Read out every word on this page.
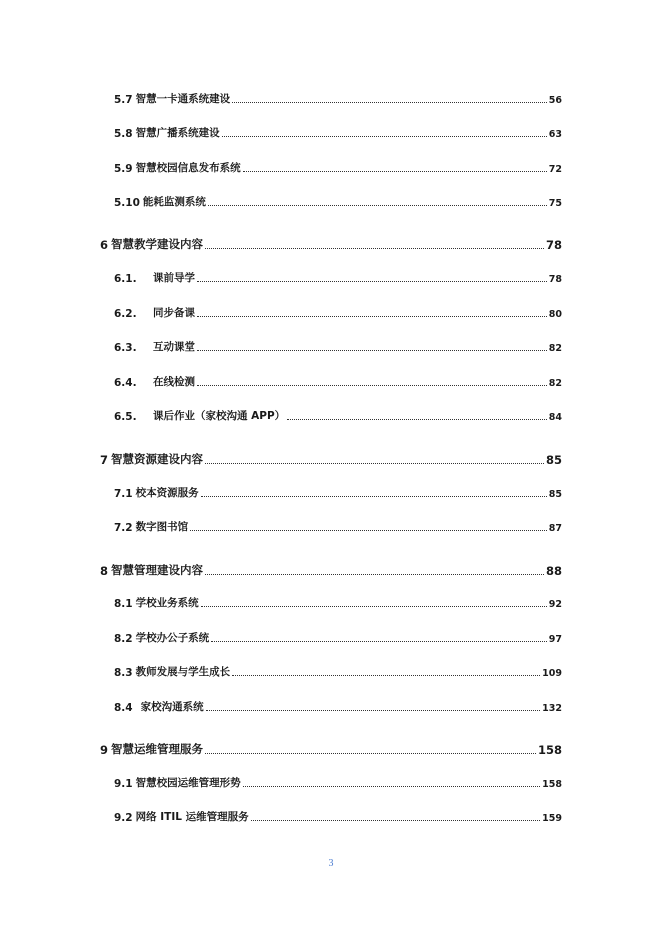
5.7 智慧一卡通系统建设	56
5.8 智慧广播系统建设	63
5.9 智慧校园信息发布系统	72
5.10 能耗监测系统	75
6 智慧教学建设内容	78
6.1.	课前导学	78
6.2.	同步备课	80
6.3.	互动课堂	82
6.4.	在线检测	82
6.5.	课后作业（家校沟通 APP）	84
7 智慧资源建设内容	85
7.1 校本资源服务	85
7.2 数字图书馆	87
8 智慧管理建设内容	88
8.1 学校业务系统	92
8.2 学校办公子系统	97
8.3 教师发展与学生成长	109
8.4 家校沟通系统	132
9 智慧运维管理服务	158
9.1 智慧校园运维管理形势	158
9.2 网络 ITIL 运维管理服务	159
3
